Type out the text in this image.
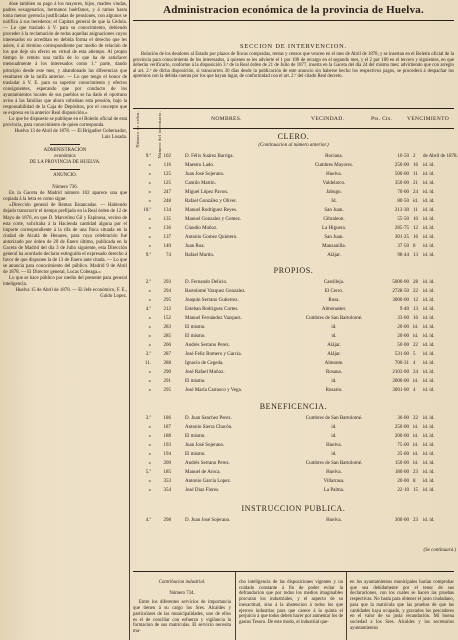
dose tambien su pago á los mayores, hijos, madres viudas, padres sexagenarios, hermanos huérfanos, y á ramos hasta toma menor gerencia justificadas de pensiones, con algunos se notifica á sus herederos; el Capitan general de que la Cédula. — Lo que traslado á V. para su conocimiento, debiendo proceder á la reclamación de todas aquellas asignaciones cuyos interesados no acreditan en debida forma el derecho que les asiste, ó al término correspondiente por medio de relación de los que deje sin efecto en virtud de esta atiempo. Al propio tiempo le remito una tarifa de lo que ha de satisfacer mensualmente á los interesados como 1.º parte, dando principio desde este mes, y abandonado las diferencias que resultaren de la tarifa anterior. — Lo que tengo el honor de trasladar á V. E. para su superior conocimiento y efectos consiguientes, esperando que por conducto de los ayuntamientos locales de sus pueblos se ha dado el oportuno aviso á las familias que ahora cobraban esta pensión, bajo la responsabilidad de la Caja de Depósitos, por el concepto que se expresa en la anterior Real disposición.»

Lo que he dispuesto se publique en el Boletín oficial de esta provincia, para conocimiento de quien corresponda.

Huelva 13 de Abril de 1878. — El Brigadier Gobernador, Luis Losada.

ADMINISTRACION

económica

DE LA PROVINCIA DE HUELVA.

ANUNCIO.

Número 736.

En la Gaceta de Madrid número 102 aparece una que copiada á la letra es como sigue:

«Dirección general de Rentas Estancadas. — Habiendo dejado transcurrir el tiempo prefijado en la Real órden de 12 de Mayo de 1876, en que D. Marcelino Gil y Espinosa, vecino de esta corte, solicitaba á la Hacienda cantidad alguna por el importe correspondiente á la rifa de una finca situada en la ciudad de Alcalá de Henares, para cuya celebración fué autorizado por órden de 20 de Enero último, publicada en la Gaceta de Madrid del día 3 de Julio siguiente, esta Dirección general ha acordado declarar estinguido el expresado derecho á favor de que disponen la de 13 de Enero ante citada. — Lo que se anuncia para conocimiento del público. Madrid 9 de Abril de 1878. — El Director general, Lucas Cobeaga.»

Lo que se hace público por medio del presente para general inteligencia.

Huelva 15 de Abril de 1878. — El Jefe económico, F. E., Guido Lopez.

Administracion económica de la provincia de Huelva.
SECCION DE INTERVENCION.
Relación de los deudores al Estado por plazos de fincas compradas, rentas y censos que vencen en el mes de Abril de 1878, y se insertan en el Boletín oficial de la provincia para conocimiento de los interesados, á quienes se les advierte el 1 por 100 de recargo en el segundo mes, y el 2 por 100 en el tercero y siguientes, en que deberán verificarlo, conforme á la disposición 3.ª de la Real órden de 21 de Julio de 1877, inserta en la Gaceta del día 24 del mismo mes; advirtiendo que con arreglo al art. 2.º de dicha disposición, si transcurren 30 días desde la publicación de este anuncio sin haberse hecho los respectivos pagos, se procederá á despachar los apremios con la debida cuenta por los que hayan lugar, de conformidad con el art. 2.º del citado Real decreto.
Número de orden.	Número del inventario.	NOMBRES.	VECINDAD.	Pts. Cts.	VENCIMIENTO
CLERO.
(Continuacion al número anterior.)
9.º	102	D. Félix Suárez Barriga.	Rociana.	10·50 2 de Abril de 1878.
»	116	Maestro Lado.	Cumbres Mayores.	250·00 16 id. id.
»	125	Juan José Sojerano.	Huelva.	500·00 11 id. id.
»	125	Camilo Martin.	Valdelarco.	350·00 21 id. id.
»	247	Miguel López Pavon.	Jabugo.	70·00 24 id. id.
»	248	Rafael González y Oliver.	Id.	80·50 id. id. id.
10.º	134	Manuel Rodríguez Reyes.	San Juan.	213·30 11 id. id.
»	135	Manuel Gonzalez y Gomez.	Gibraleon.	55·50 10 id. id.
»	136	Claudio Muñoz.	La Higuera.	285·75 12 id. id.
»	137	Antonio Gomez Quintero.	San Juan.	301·25 16 id. id.
»	140	Juan Roa.	Manzanilla.	37·50 8 id. id.
9.º	74	Rafael Martin.	Alájar.	98·44 13 id. id.
PROPIOS.
2.º	293	D. Fernando Delicio.	Castilleja.	5000·00 28 id. id.
»	294	Bartolomé Vazquez Gonzalez.	El Cerro.	2728·50 22 id. id.
»	295	Joaquin Serrano Gutierrez.	Rosa.	3000·00 12 id. id.
4.º	212	Esteban Rodriguez Cortes.	Almonaster.	9·40 13 id. id.
»	152	Manuel Fernández Vazquez.	Cumbres de San Bartolomé.	33·00 16 id. id.
»	283	El mismo.	id.	20·00 id. id. id.
»	285	El mismo.	id.	20·00 id. id. id.
»	266	Andrés Serrano Perez.	Alájar.	50·00 22 id. id.
3.º	287	José Feliz Romero y Garcia.	Alájar.	531·00 5 id. id.
11.	288	Ignacio de Cegeda.	Almonte.	700·31 4 id. id.
»	290	José Rafael Muñoz.	Rosana.	2103·00 24 id. id.
»	291	El mismo.	id.	2000·00 id. id. id.
»	295	José María Carrasco y Vega.	Rosario.	3001·00 4 id. id.
BENEFICENCIA.
3.º	186	D. Juan Sanchez Perez.	Cumbres de San Bartolomé.	36·00 22 id. id.
»	187	Antonio Sierra Chacón.	id.	250·00 id. id. id.
»	188	El mismo.	id.	200·00 id. id. id.
»	193	Juan José Sojerano.	Huelva.	75·00 id. id. id.
»	194	El mismo.	id.	25·00 id. id. id.
»	200	Andrés Serrano Perez.	Cumbres de San Bartolomé.	150·00 id. id. id.
5.º	185	Manuel de Aroca.	Huelva.	180·00 23 id. id.
»	353	Antonio García Lopez.	Villarrasa.	20·00 8 id. id.
»	354	José Diaz Flores.	La Palma.	22·10 15 id. id.
INSTRUCCION PUBLICA.
4.º	298	D. Juan José Sojerano.	Huelva.	300·00 23 id. id.
(Se continuará.)

Contribucion industrial.

Número 734.

Entre los diferentes servicios de importancia que tienen á su cargo los Sres. Alcaldes y particulares de las municipalidades, uno de ellos es el de conciliar con esfuerzo y vigilancia la formacion de sus matrículas. El servicio necesita mu-

cho inteligencia de las disposiciones vigentes y un cuidado constante á fin de poder evitar la defraudacion que por todos los medios imaginables procuran los industriales, y el aspecto de su inexactitud, sino á la abstencion á todos los que ejercen industrias para que carece á la quinta el perjuicio á que todos deben hacer por aumentar los de gastos Tesoro. De este modo, el industrial que-

en los ayuntamientos municipales harían comprobar que sea debidamente por el tenor de sus declaraciones, con los cuales se hacen las pruebas respectivas. No basta para obtener el justo ciudadano, para que la matrícula que las pruebas de que las cantidades haya ocupado, y gravados los pescadores en el valor de su justa recaudación. Mi buena sociedad a los Sres. Alcaldes y los secretarios ayuntamientos
